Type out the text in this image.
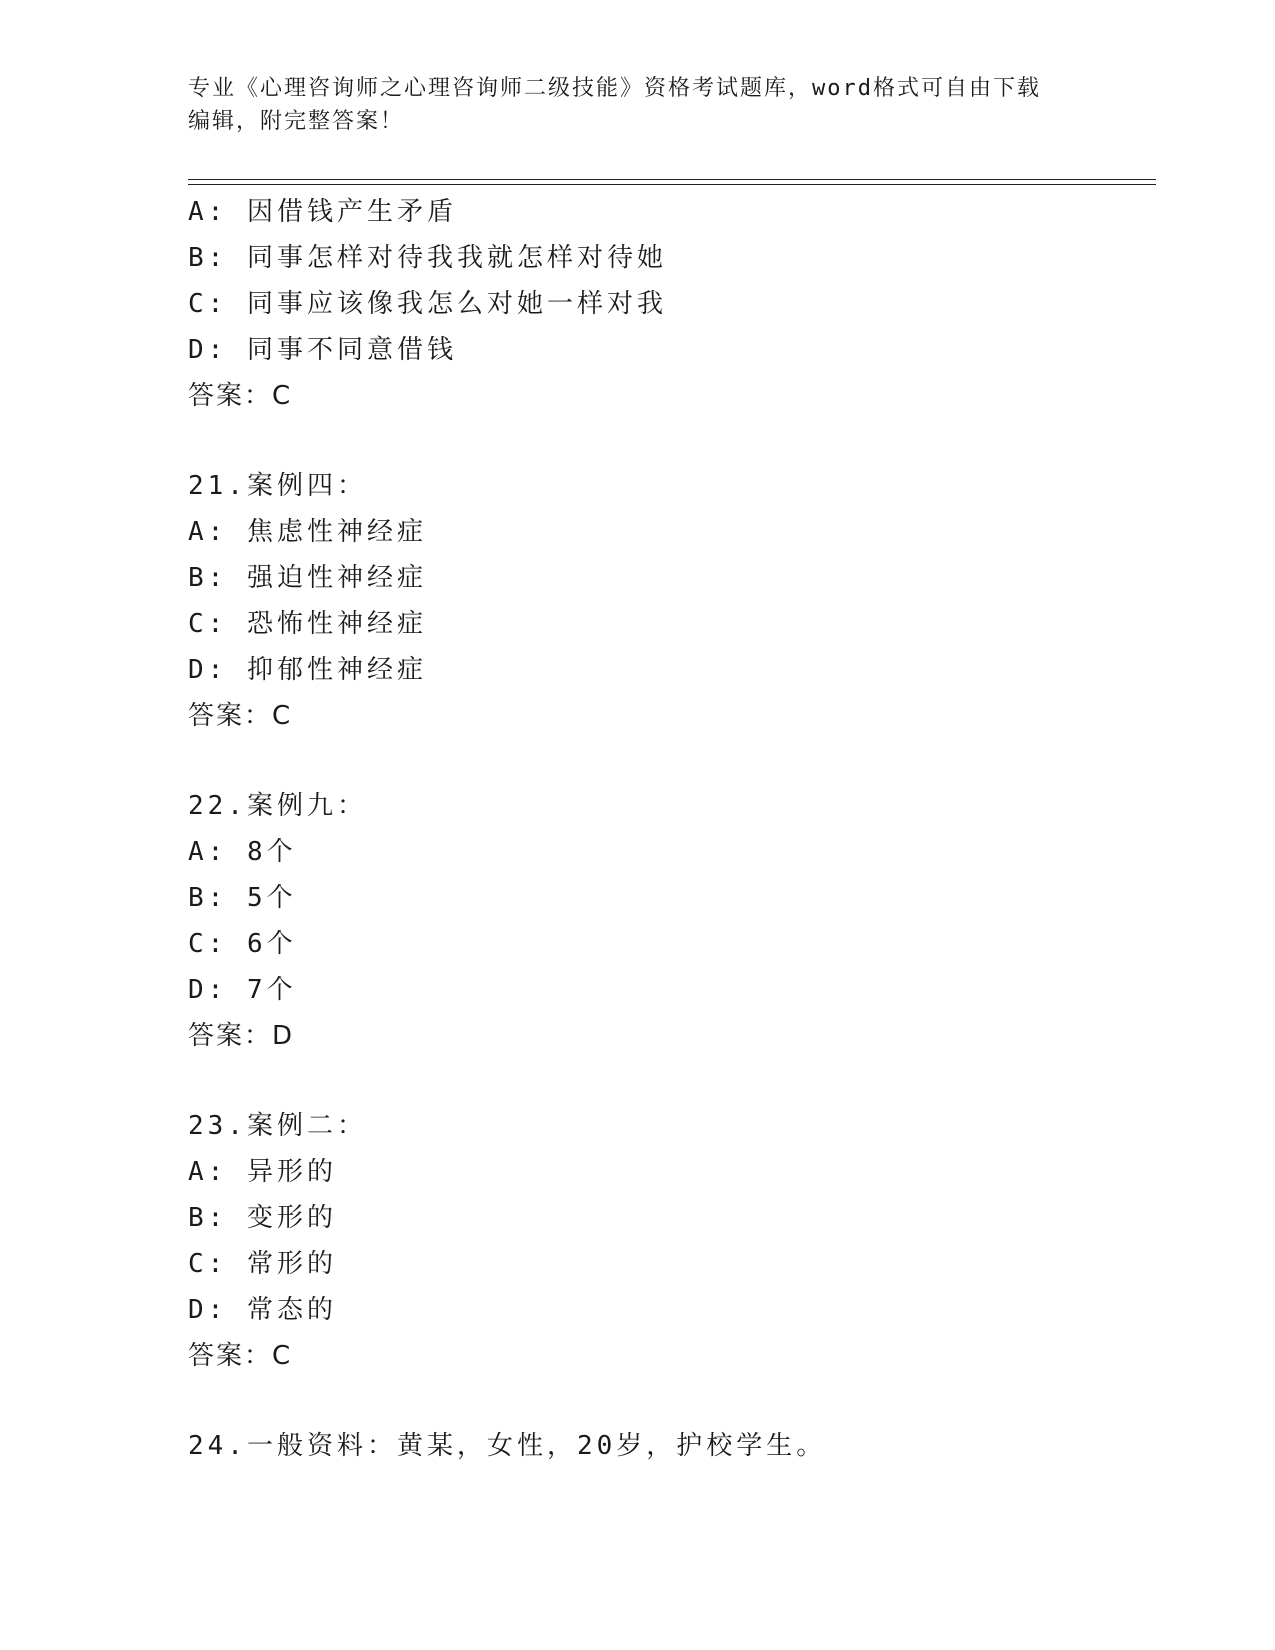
专业《心理咨询师之心理咨询师二级技能》资格考试题库，word格式可自由下载
编辑，附完整答案！
A: 因借钱产生矛盾
B: 同事怎样对待我我就怎样对待她
C: 同事应该像我怎么对她一样对我
D: 同事不同意借钱
答案：C
21.案例四：
A: 焦虑性神经症
B: 强迫性神经症
C: 恐怖性神经症
D: 抑郁性神经症
答案：C
22.案例九：
A: 8个
B: 5个
C: 6个
D: 7个
答案：D
23.案例二：
A: 异形的
B: 变形的
C: 常形的
D: 常态的
答案：C
24.一般资料：黄某，女性，20岁，护校学生。
